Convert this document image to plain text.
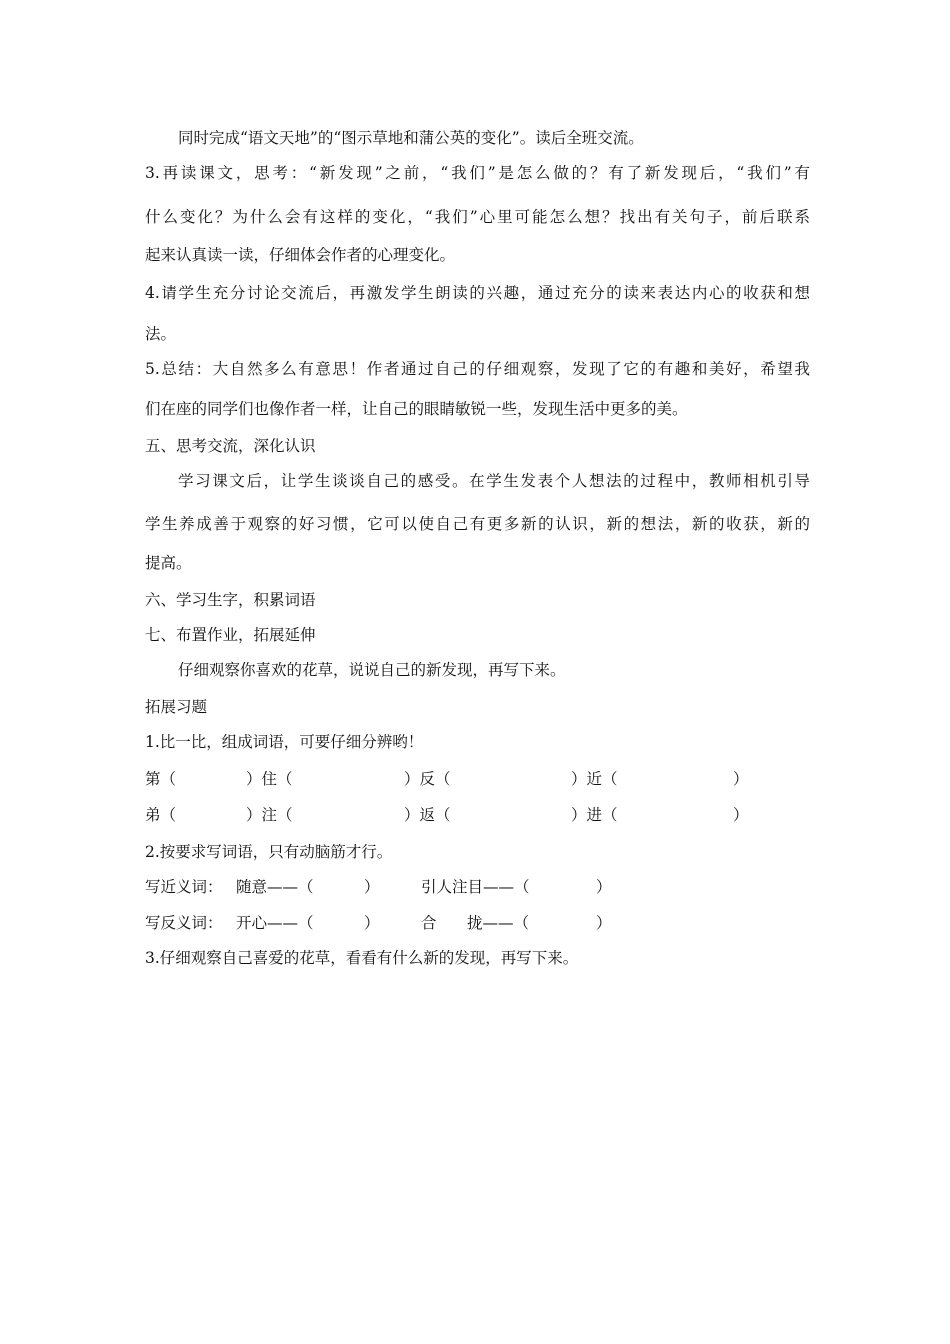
同时完成“语文天地”的“图示草地和蒲公英的变化”。读后全班交流。
3.再读课文，思考：“新发现”之前，“我们”是怎么做的？有了新发现后，“我们”有
什么变化？为什么会有这样的变化，“我们”心里可能怎么想？找出有关句子，前后联系
起来认真读一读，仔细体会作者的心理变化。
4.请学生充分讨论交流后，再激发学生朗读的兴趣，通过充分的读来表达内心的收获和想
法。
5.总结：大自然多么有意思！作者通过自己的仔细观察，发现了它的有趣和美好，希望我
们在座的同学们也像作者一样，让自己的眼睛敏锐一些，发现生活中更多的美。
五、思考交流，深化认识
学习课文后，让学生谈谈自己的感受。在学生发表个人想法的过程中，教师相机引导
学生养成善于观察的好习惯，它可以使自己有更多新的认识，新的想法，新的收获，新的
提高。
六、学习生字，积累词语
七、布置作业，拓展延伸
仔细观察你喜欢的花草，说说自己的新发现，再写下来。
拓展习题
1.比一比，组成词语，可要仔细分辨哟！
第（	）住（	）反（	）近（	）
弟（	）注（	）返（	）进（	）
2.按要求写词语，只有动脑筋才行。
写近义词： 随意——（	）	引人注目——（	）
写反义词： 开心——（	）	合 拢——（	）
3.仔细观察自己喜爱的花草，看看有什么新的发现，再写下来。
